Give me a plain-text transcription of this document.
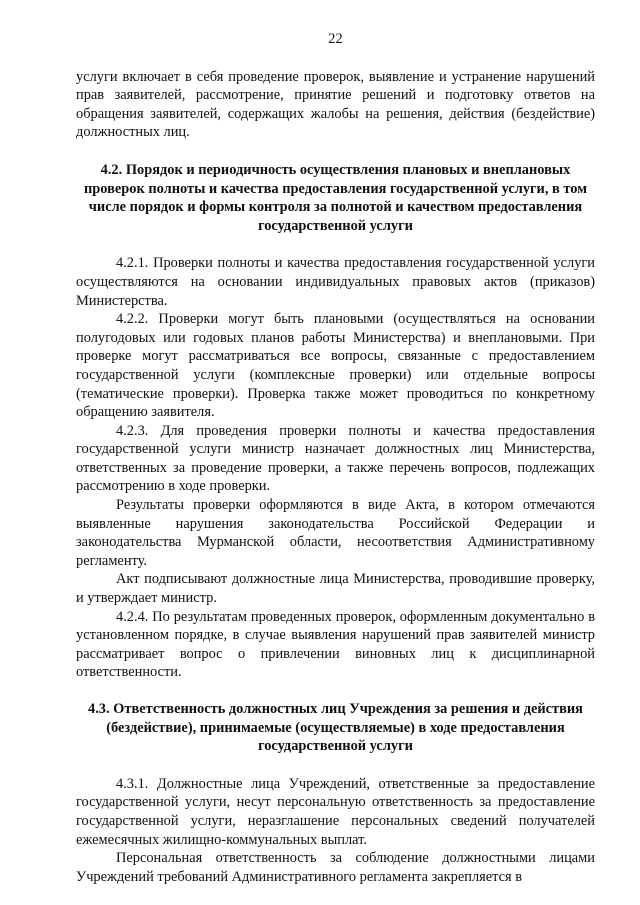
22

услуги включает в себя проведение проверок, выявление и устранение нарушений прав заявителей, рассмотрение, принятие решений и подготовку ответов на обращения заявителей, содержащих жалобы на решения, действия (бездействие) должностных лиц.

4.2. Порядок и периодичность осуществления плановых и внеплановых проверок полноты и качества предоставления государственной услуги, в том числе порядок и формы контроля за полнотой и качеством предоставления государственной услуги

4.2.1. Проверки полноты и качества предоставления государственной услуги осуществляются на основании индивидуальных правовых актов (приказов) Министерства.

4.2.2. Проверки могут быть плановыми (осуществляться на основании полугодовых или годовых планов работы Министерства) и внеплановыми. При проверке могут рассматриваться все вопросы, связанные с предоставлением государственной услуги (комплексные проверки) или отдельные вопросы (тематические проверки). Проверка также может проводиться по конкретному обращению заявителя.

4.2.3. Для проведения проверки полноты и качества предоставления государственной услуги министр назначает должностных лиц Министерства, ответственных за проведение проверки, а также перечень вопросов, подлежащих рассмотрению в ходе проверки.

Результаты проверки оформляются в виде Акта, в котором отмечаются выявленные нарушения законодательства Российской Федерации и законодательства Мурманской области, несоответствия Административному регламенту.

Акт подписывают должностные лица Министерства, проводившие проверку, и утверждает министр.

4.2.4. По результатам проведенных проверок, оформленным документально в установленном порядке, в случае выявления нарушений прав заявителей министр рассматривает вопрос о привлечении виновных лиц к дисциплинарной ответственности.

4.3. Ответственность должностных лиц Учреждения за решения и действия (бездействие), принимаемые (осуществляемые) в ходе предоставления государственной услуги

4.3.1. Должностные лица Учреждений, ответственные за предоставление государственной услуги, несут персональную ответственность за предоставление государственной услуги, неразглашение персональных сведений получателей ежемесячных жилищно-коммунальных выплат.

Персональная ответственность за соблюдение должностными лицами Учреждений требований Административного регламента закрепляется в
